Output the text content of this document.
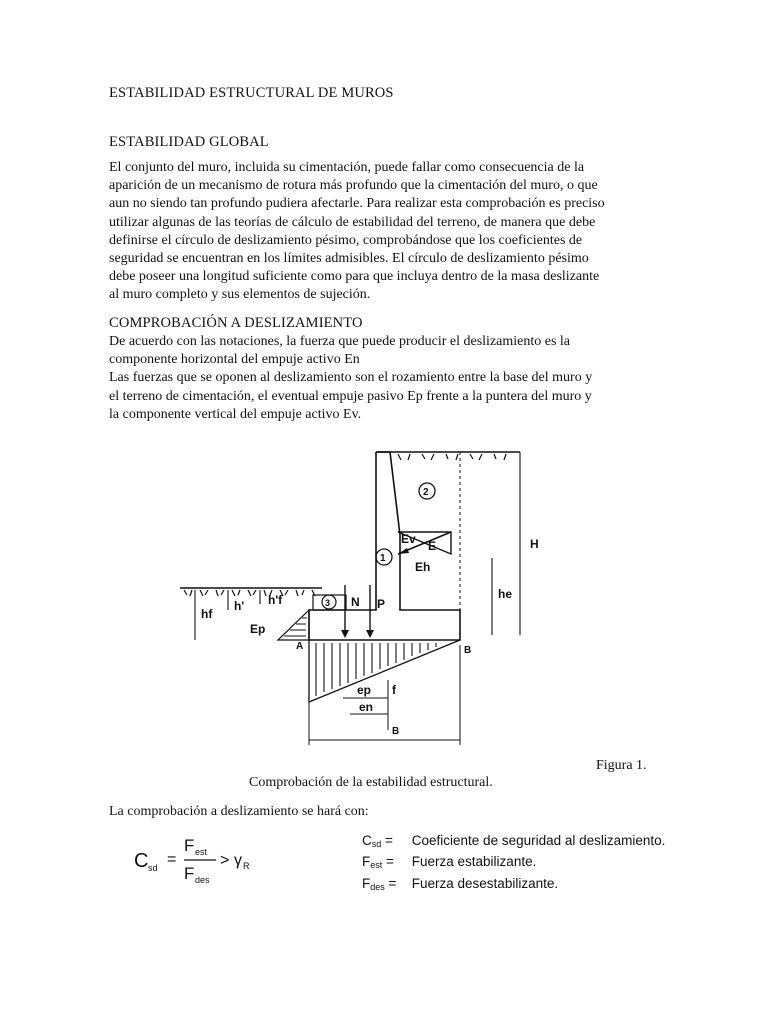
ESTABILIDAD ESTRUCTURAL DE MUROS
ESTABILIDAD GLOBAL

El conjunto del muro, incluida su cimentación, puede fallar como consecuencia de la
aparición de un mecanismo de rotura más profundo que la cimentación del muro, o que
aun no siendo tan profundo pudiera afectarle. Para realizar esta comprobación es preciso
utilizar algunas de las teorías de cálculo de estabilidad del terreno, de manera que debe
definirse el círculo de deslizamiento pésimo, comprobándose que los coeficientes de
seguridad se encuentran en los límites admisibles. El círculo de deslizamiento pésimo
debe poseer una longitud suficiente como para que incluya dentro de la masa deslizante
al muro completo y sus elementos de sujeción.

COMPROBACIÓN A DESLIZAMIENTO

De acuerdo con las notaciones, la fuerza que puede producir el deslizamiento es la
componente horizontal del empuje activo En
Las fuerzas que se oponen al deslizamiento son el rozamiento entre la base del muro y
el terreno de cimentación, el eventual empuje pasivo Ep frente a la puntera del muro y
la componente vertical del empuje activo Ev.

1
2
3
Ev E
Eh
H
he
hf
h' h'f
Ep
N P
A	B
B
ep f
en

Figura 1.

Comprobación de la estabilidad estructural.

La comprobación a deslizamiento se hará con:

C sd =
F est
F des
> γ R
$C_{sd}$ = Coeficiente de seguridad al deslizamiento.
$F_{est}$ = Fuerza estabilizante.
$F_{des}$ = Fuerza desestabilizante.
